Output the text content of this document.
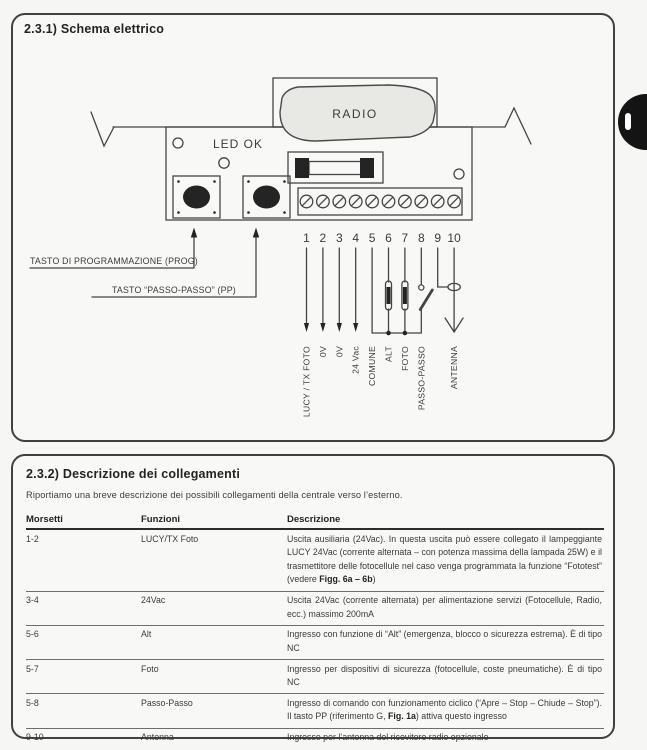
2.3.1) Schema elettrico
RADIO
LED OK
1 2 3 4 5 6 7 8 9 10
LUCY / TX FOTO 0V 0V 24 Vac COMUNE ALT FOTO PASSO-PASSO	ANTENNA
TASTO DI PROGRAMMAZIONE (PROG)
TASTO “PASSO-PASSO” (PP)
2.3.2) Descrizione dei collegamenti

Riportiamo una breve descrizione dei possibili collegamenti della centrale verso l’esterno.

Morsetti	Funzioni	Descrizione
1-2	LUCY/TX Foto	Uscita ausiliaria (24Vac). In questa uscita può essere collegato il lampeggiante LUCY 24Vac (corrente alternata – con potenza massima della lampada 25W) e il trasmettitore delle fotocellule nel caso venga programmata la funzione “Fototest” (vedere Figg. 6a – 6b)
3-4	24Vac	Uscita 24Vac (corrente alternata) per alimentazione servizi (Fotocellule, Radio, ecc.) massimo 200mA
5-6	Alt	Ingresso con funzione di “Alt” (emergenza, blocco o sicurezza estrema). È di tipo NC
5-7	Foto	Ingresso per dispositivi di sicurezza (fotocellule, coste pneumatiche). È di tipo NC
5-8	Passo-Passo	Ingresso di comando con funzionamento ciclico (“Apre – Stop – Chiude – Stop”). Il tasto PP (riferimento G, Fig. 1a) attiva questo ingresso
9-10	Antenna	Ingresso per l’antenna del ricevitore radio opzionale
